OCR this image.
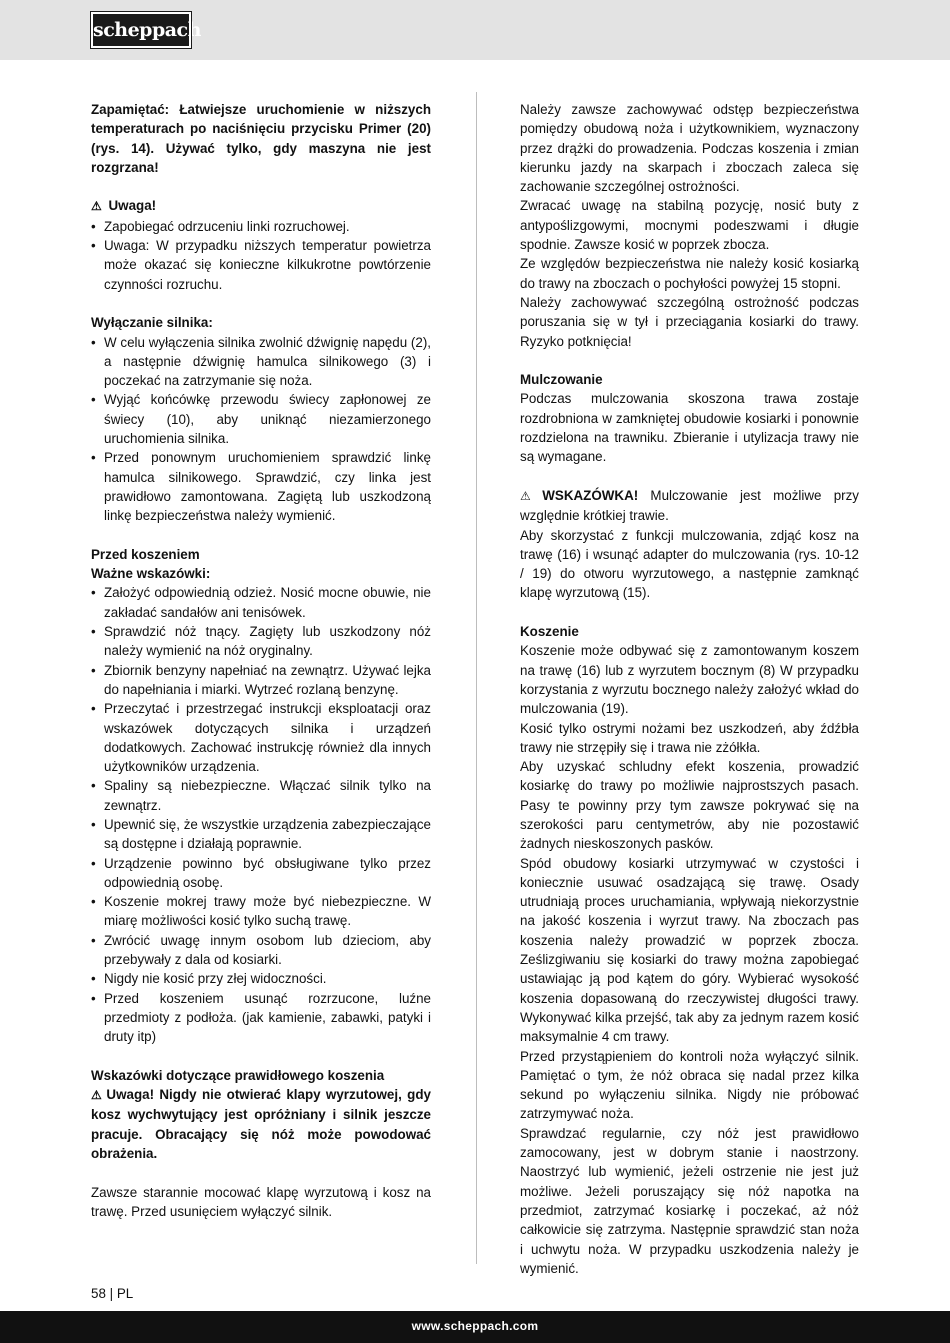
scheppach

Zapamiętać: Łatwiejsze uruchomienie w niższych temperaturach po naciśnięciu przycisku Primer (20) (rys. 14). Używać tylko, gdy maszyna nie jest rozgrzana!

⚠ Uwaga!

• Zapobiegać odrzuceniu linki rozruchowej.
• Uwaga: W przypadku niższych temperatur powietrza może okazać się konieczne kilkukrotne powtórzenie czynności rozruchu.

Wyłączanie silnika:

• W celu wyłączenia silnika zwolnić dźwignię napędu (2), a następnie dźwignię hamulca silnikowego (3) i poczekać na zatrzymanie się noża.
• Wyjąć końcówkę przewodu świecy zapłonowej ze świecy (10), aby uniknąć niezamierzonego uruchomienia silnika.
• Przed ponownym uruchomieniem sprawdzić linkę hamulca silnikowego. Sprawdzić, czy linka jest prawidłowo zamontowana. Zagiętą lub uszkodzoną linkę bezpieczeństwa należy wymienić.

Przed koszeniem

Ważne wskazówki:

• Założyć odpowiednią odzież. Nosić mocne obuwie, nie zakładać sandałów ani tenisówek.
• Sprawdzić nóż tnący. Zagięty lub uszkodzony nóż należy wymienić na nóż oryginalny.
• Zbiornik benzyny napełniać na zewnątrz. Używać lejka do napełniania i miarki. Wytrzeć rozlaną benzynę.
• Przeczytać i przestrzegać instrukcji eksploatacji oraz wskazówek dotyczących silnika i urządzeń dodatkowych. Zachować instrukcję również dla innych użytkowników urządzenia.
• Spaliny są niebezpieczne. Włączać silnik tylko na zewnątrz.
• Upewnić się, że wszystkie urządzenia zabezpieczające są dostępne i działają poprawnie.
• Urządzenie powinno być obsługiwane tylko przez odpowiednią osobę.
• Koszenie mokrej trawy może być niebezpieczne. W miarę możliwości kosić tylko suchą trawę.
• Zwrócić uwagę innym osobom lub dzieciom, aby przebywały z dala od kosiarki.
• Nigdy nie kosić przy złej widoczności.
• Przed koszeniem usunąć rozrzucone, luźne przedmioty z podłoża. (jak kamienie, zabawki, patyki i druty itp)

Wskazówki dotyczące prawidłowego koszenia

⚠ Uwaga! Nigdy nie otwierać klapy wyrzutowej, gdy kosz wychwytujący jest opróżniany i silnik jeszcze pracuje. Obracający się nóż może powodować obrażenia.

Zawsze starannie mocować klapę wyrzutową i kosz na trawę. Przed usunięciem wyłączyć silnik.

Należy zawsze zachowywać odstęp bezpieczeństwa pomiędzy obudową noża i użytkownikiem, wyznaczony przez drążki do prowadzenia. Podczas koszenia i zmian kierunku jazdy na skarpach i zboczach zaleca się zachowanie szczególnej ostrożności.

Zwracać uwagę na stabilną pozycję, nosić buty z antypoślizgowymi, mocnymi podeszwami i długie spodnie. Zawsze kosić w poprzek zbocza.

Ze względów bezpieczeństwa nie należy kosić kosiarką do trawy na zboczach o pochyłości powyżej 15 stopni.

Należy zachowywać szczególną ostrożność podczas poruszania się w tył i przeciągania kosiarki do trawy. Ryzyko potknięcia!

Mulczowanie

Podczas mulczowania skoszona trawa zostaje rozdrobniona w zamkniętej obudowie kosiarki i ponownie rozdzielona na trawniku. Zbieranie i utylizacja trawy nie są wymagane.

⚠ WSKAZÓWKA! Mulczowanie jest możliwe przy względnie krótkiej trawie.

Aby skorzystać z funkcji mulczowania, zdjąć kosz na trawę (16) i wsunąć adapter do mulczowania (rys. 10-12 / 19) do otworu wyrzutowego, a następnie zamknąć klapę wyrzutową (15).

Koszenie

Koszenie może odbywać się z zamontowanym koszem na trawę (16) lub z wyrzutem bocznym (8) W przypadku korzystania z wyrzutu bocznego należy założyć wkład do mulczowania (19).

Kosić tylko ostrymi nożami bez uszkodzeń, aby źdźbła trawy nie strzępiły się i trawa nie zżółkła.

Aby uzyskać schludny efekt koszenia, prowadzić kosiarkę do trawy po możliwie najprostszych pasach. Pasy te powinny przy tym zawsze pokrywać się na szerokości paru centymetrów, aby nie pozostawić żadnych nieskoszonych pasków.

Spód obudowy kosiarki utrzymywać w czystości i koniecznie usuwać osadzającą się trawę. Osady utrudniają proces uruchamiania, wpływają niekorzystnie na jakość koszenia i wyrzut trawy. Na zboczach pas koszenia należy prowadzić w poprzek zbocza. Ześlizgiwaniu się kosiarki do trawy można zapobiegać ustawiając ją pod kątem do góry. Wybierać wysokość koszenia dopasowaną do rzeczywistej długości trawy. Wykonywać kilka przejść, tak aby za jednym razem kosić maksymalnie 4 cm trawy.

Przed przystąpieniem do kontroli noża wyłączyć silnik. Pamiętać o tym, że nóż obraca się nadal przez kilka sekund po wyłączeniu silnika. Nigdy nie próbować zatrzymywać noża.

Sprawdzać regularnie, czy nóż jest prawidłowo zamocowany, jest w dobrym stanie i naostrzony. Naostrzyć lub wymienić, jeżeli ostrzenie nie jest już możliwe. Jeżeli poruszający się nóż napotka na przedmiot, zatrzymać kosiarkę i poczekać, aż nóż całkowicie się zatrzyma. Następnie sprawdzić stan noża i uchwytu noża. W przypadku uszkodzenia należy je wymienić.

58 | PL
www.scheppach.com
